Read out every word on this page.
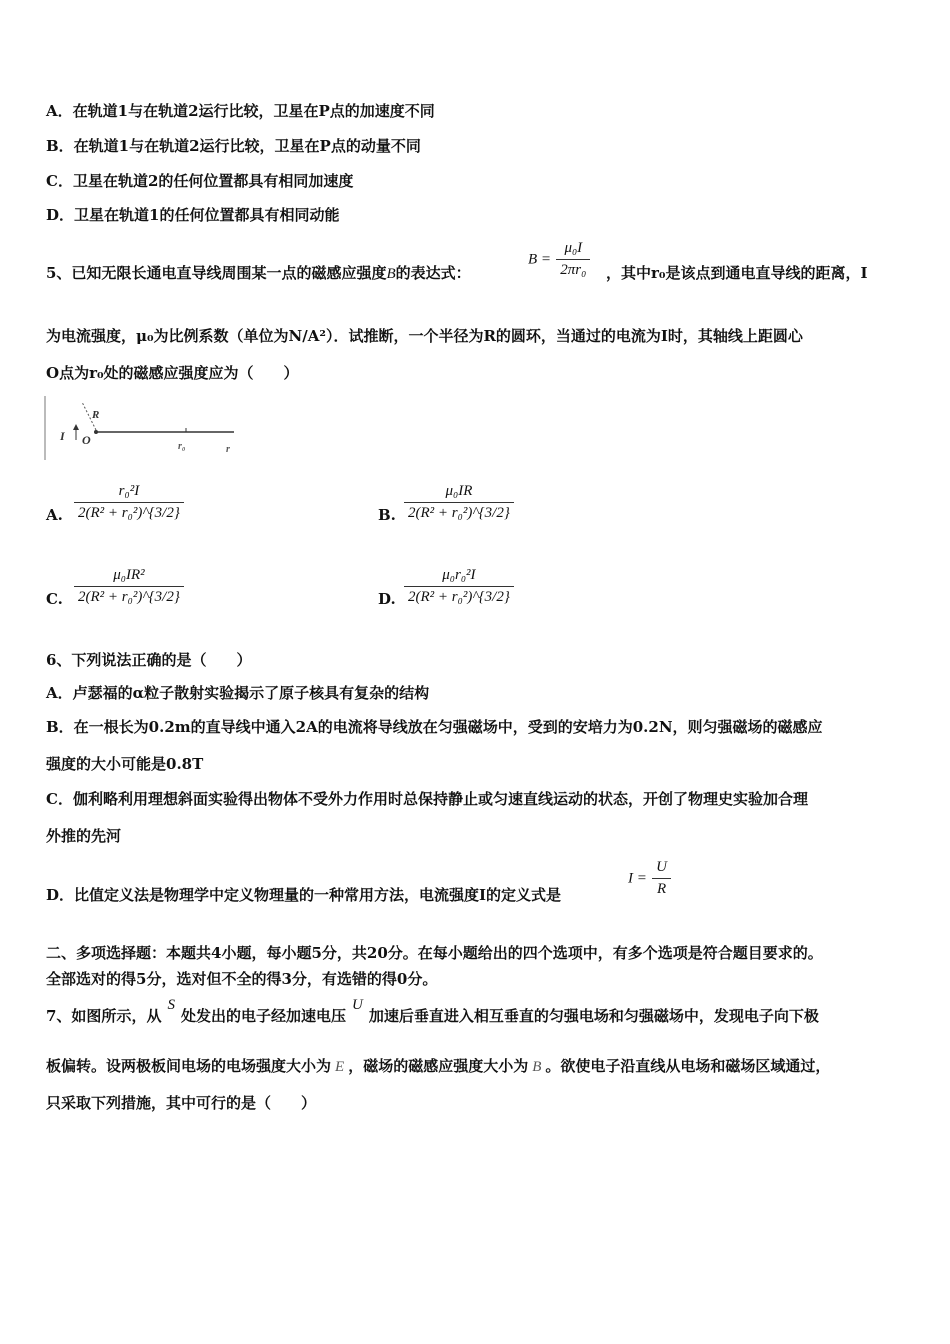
A．在轨道1与在轨道2运行比较，卫星在P点的加速度不同
B．在轨道1与在轨道2运行比较，卫星在P点的动量不同
C．卫星在轨道2的任何位置都具有相同加速度
D．卫星在轨道1的任何位置都具有相同动能
5、已知无限长通电直导线周围某一点的磁感应强度B的表达式：
$B = \frac{\text{μ₀I}}{\text{2πr₀}}$ ，其中r₀是该点到通电直导线的距离，I
为电流强度，μ₀为比例系数（单位为N/A²）．试推断，一个半径为R的圆环，当通过的电流为I时，其轴线上距圆心
O点为r₀处的磁感应强度应为（　　）
I O
R
r₀	r
A. $\frac{\text{r₀²I}}{\text{2(R² + r₀²)\textasciicircum{}\{3/2\}}}$	B. $\frac{\text{μ₀IR}}{\text{2(R² + r₀²)\textasciicircum{}\{3/2\}}}$
C. $\frac{\text{μ₀IR²}}{\text{2(R² + r₀²)\textasciicircum{}\{3/2\}}}$	D. $\frac{\text{μ₀r₀²I}}{\text{2(R² + r₀²)\textasciicircum{}\{3/2\}}}$
6、下列说法正确的是（　　）
A．卢瑟福的α粒子散射实验揭示了原子核具有复杂的结构
B．在一根长为0.2m的直导线中通入2A的电流将导线放在匀强磁场中，受到的安培力为0.2N，则匀强磁场的磁感应
强度的大小可能是0.8T
C．伽利略利用理想斜面实验得出物体不受外力作用时总保持静止或匀速直线运动的状态，开创了物理史实验加合理
外推的先河
D．比值定义法是物理学中定义物理量的一种常用方法，电流强度I的定义式是
$I = \frac{U}{R}$
二、多项选择题：本题共4小题，每小题5分，共20分。在每小题给出的四个选项中，有多个选项是符合题目要求的。
全部选对的得5分，选对但不全的得3分，有选错的得0分。
7、如图所示，从S处发出的电子经加速电压U加速后垂直进入相互垂直的匀强电场和匀强磁场中，发现电子向下极
板偏转。设两极板间电场的电场强度大小为 E ，磁场的磁感应强度大小为 B 。欲使电子沿直线从电场和磁场区域通过，
只采取下列措施，其中可行的是（　　）
